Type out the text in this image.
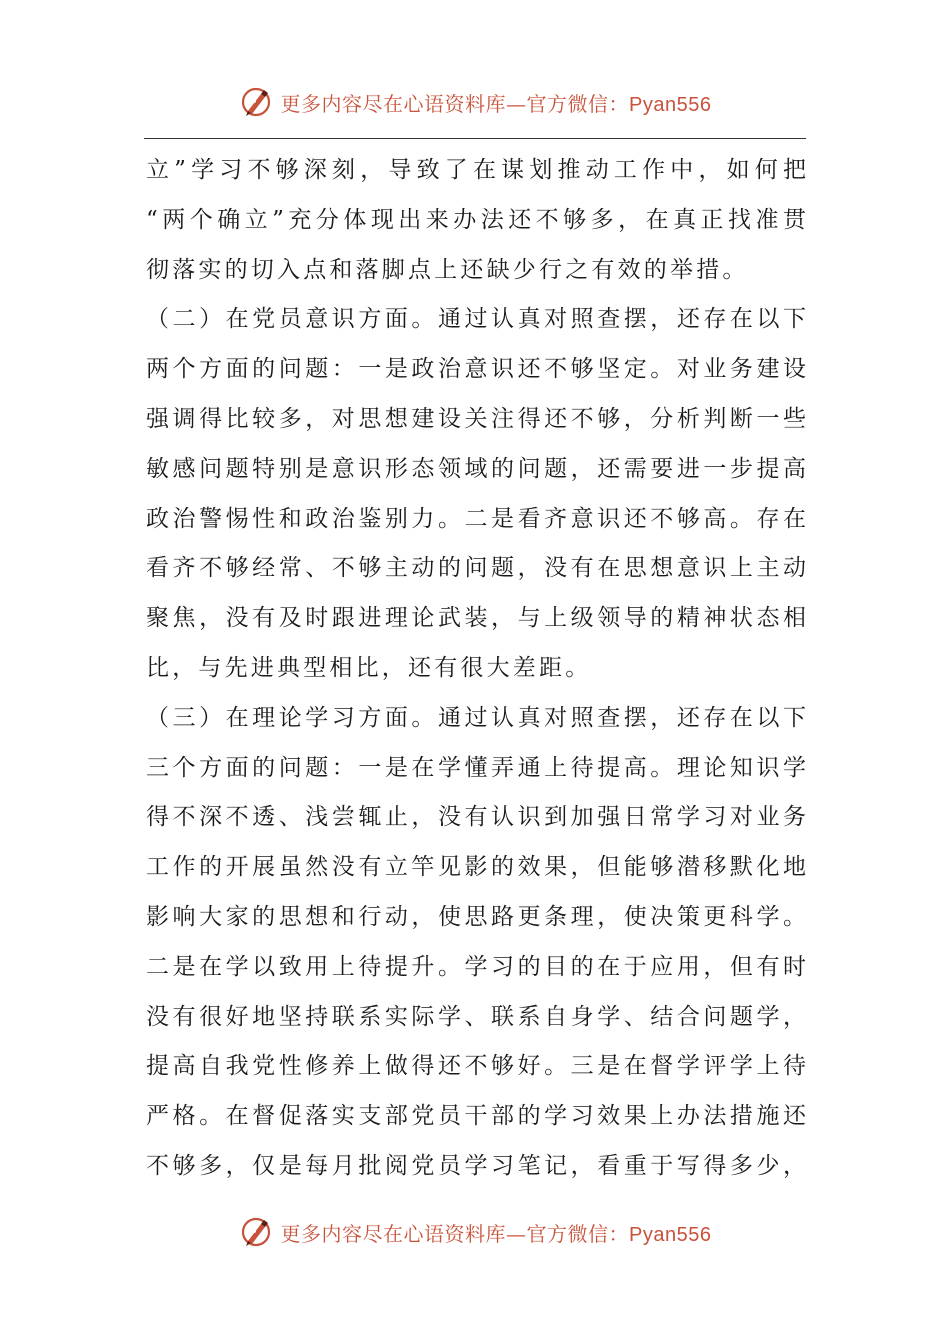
更多内容尽在心语资料库—官方微信：Pyan556
立”学习不够深刻，导致了在谋划推动工作中，如何把
“两个确立”充分体现出来办法还不够多，在真正找准贯
彻落实的切入点和落脚点上还缺少行之有效的举措。
（二）在党员意识方面。通过认真对照查摆，还存在以下
两个方面的问题：一是政治意识还不够坚定。对业务建设
强调得比较多，对思想建设关注得还不够，分析判断一些
敏感问题特别是意识形态领域的问题，还需要进一步提高
政治警惕性和政治鉴别力。二是看齐意识还不够高。存在
看齐不够经常、不够主动的问题，没有在思想意识上主动
聚焦，没有及时跟进理论武装，与上级领导的精神状态相
比，与先进典型相比，还有很大差距。
（三）在理论学习方面。通过认真对照查摆，还存在以下
三个方面的问题：一是在学懂弄通上待提高。理论知识学
得不深不透、浅尝辄止，没有认识到加强日常学习对业务
工作的开展虽然没有立竿见影的效果，但能够潜移默化地
影响大家的思想和行动，使思路更条理，使决策更科学。
二是在学以致用上待提升。学习的目的在于应用，但有时
没有很好地坚持联系实际学、联系自身学、结合问题学，
提高自我党性修养上做得还不够好。三是在督学评学上待
严格。在督促落实支部党员干部的学习效果上办法措施还
不够多，仅是每月批阅党员学习笔记，看重于写得多少，
更多内容尽在心语资料库—官方微信：Pyan556
